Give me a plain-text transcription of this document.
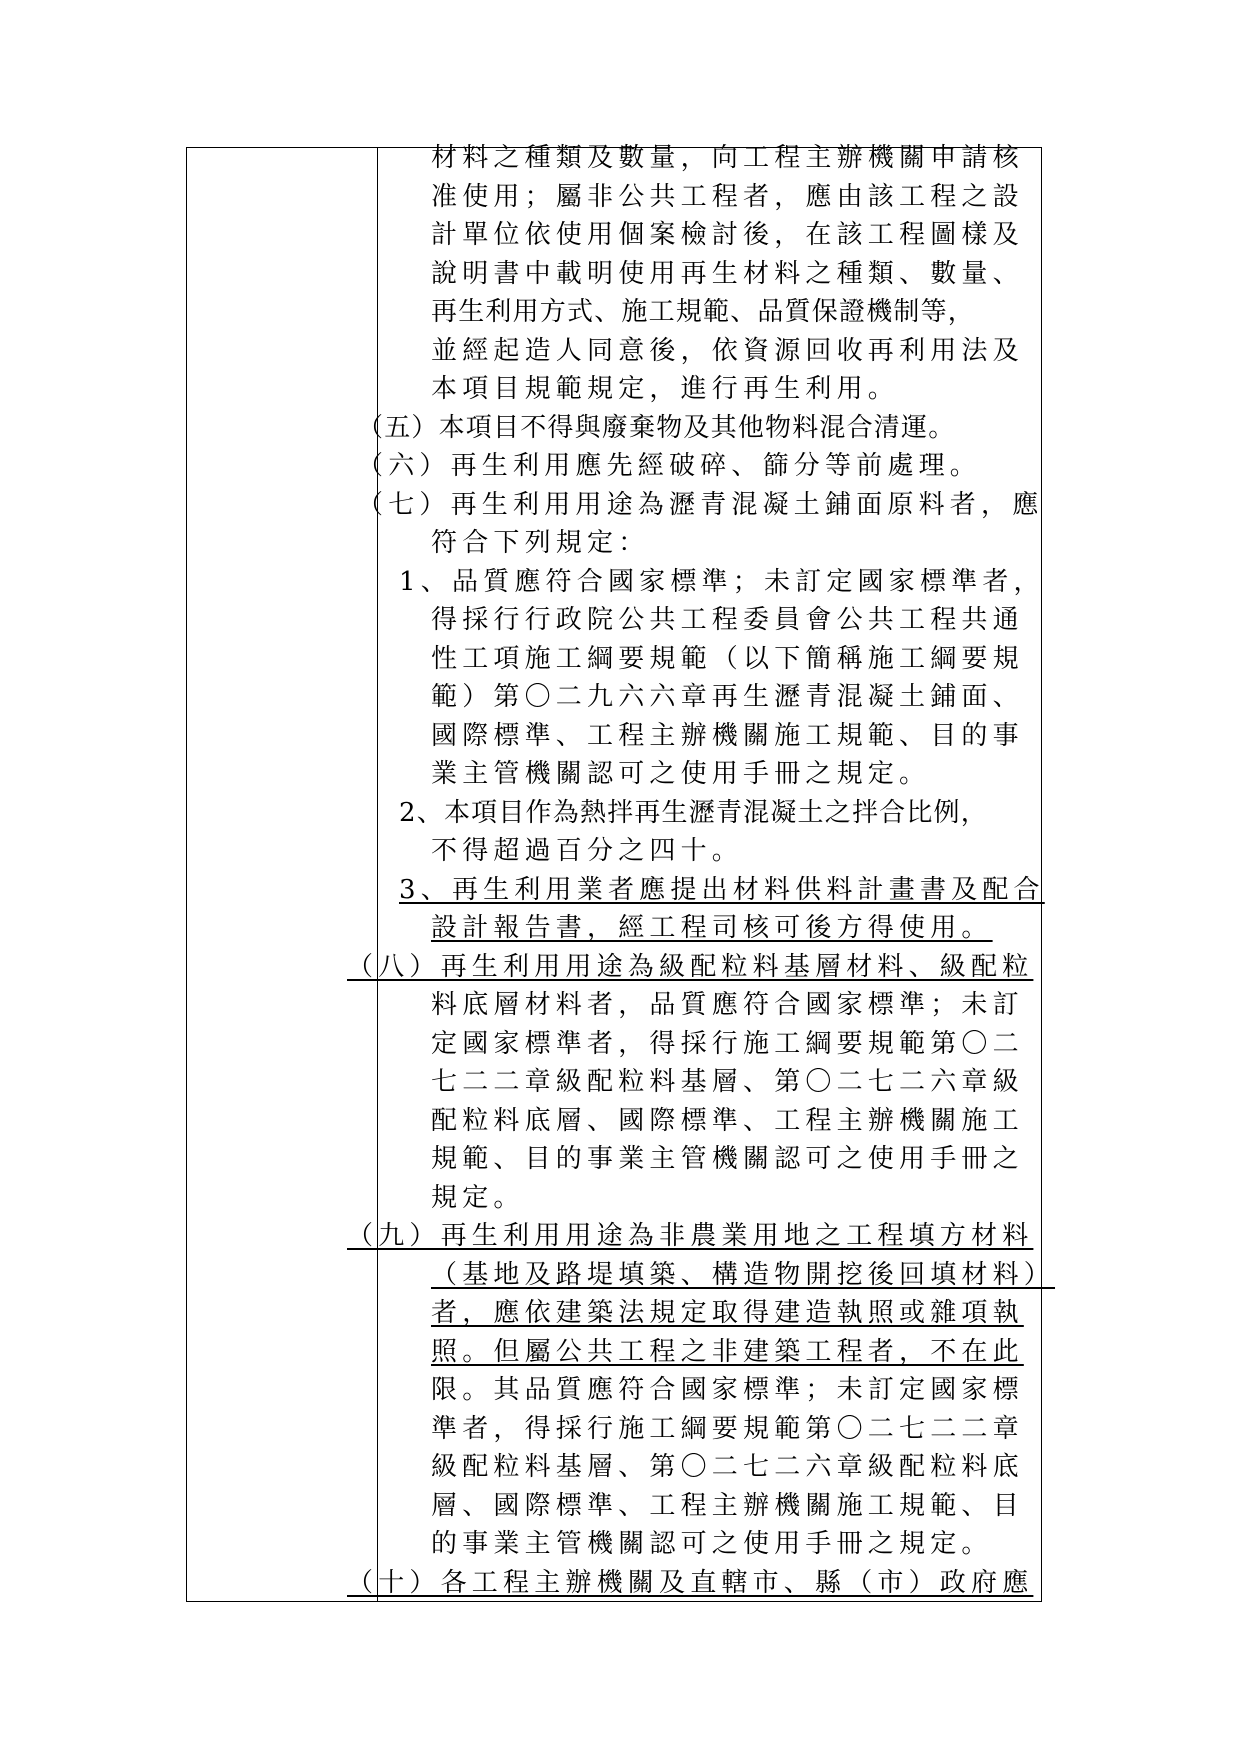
材料之種類及數量，向工程主辦機關申請核
准使用；屬非公共工程者，應由該工程之設
計單位依使用個案檢討後，在該工程圖樣及
說明書中載明使用再生材料之種類、數量、
再生利用方式、施工規範、品質保證機制等，
並經起造人同意後，依資源回收再利用法及
本項目規範規定，進行再生利用。
（五）本項目不得與廢棄物及其他物料混合清運。
（六）再生利用應先經破碎、篩分等前處理。
（七）再生利用用途為瀝青混凝土鋪面原料者，應
符合下列規定：
1、品質應符合國家標準；未訂定國家標準者，
得採行行政院公共工程委員會公共工程共通
性工項施工綱要規範（以下簡稱施工綱要規
範）第〇二九六六章再生瀝青混凝土鋪面、
國際標準、工程主辦機關施工規範、目的事
業主管機關認可之使用手冊之規定。
2、本項目作為熱拌再生瀝青混凝土之拌合比例，
不得超過百分之四十。
3、再生利用業者應提出材料供料計畫書及配合
設計報告書，經工程司核可後方得使用。
（八）再生利用用途為級配粒料基層材料、級配粒
料底層材料者，品質應符合國家標準；未訂
定國家標準者，得採行施工綱要規範第〇二
七二二章級配粒料基層、第〇二七二六章級
配粒料底層、國際標準、工程主辦機關施工
規範、目的事業主管機關認可之使用手冊之
規定。
（九）再生利用用途為非農業用地之工程填方材料
（基地及路堤填築、構造物開挖後回填材料）
者，應依建築法規定取得建造執照或雜項執
照。但屬公共工程之非建築工程者，不在此
限。其品質應符合國家標準；未訂定國家標
準者，得採行施工綱要規範第〇二七二二章
級配粒料基層、第〇二七二六章級配粒料底
層、國際標準、工程主辦機關施工規範、目
的事業主管機關認可之使用手冊之規定。
（十）各工程主辦機關及直轄市、縣（市）政府應
